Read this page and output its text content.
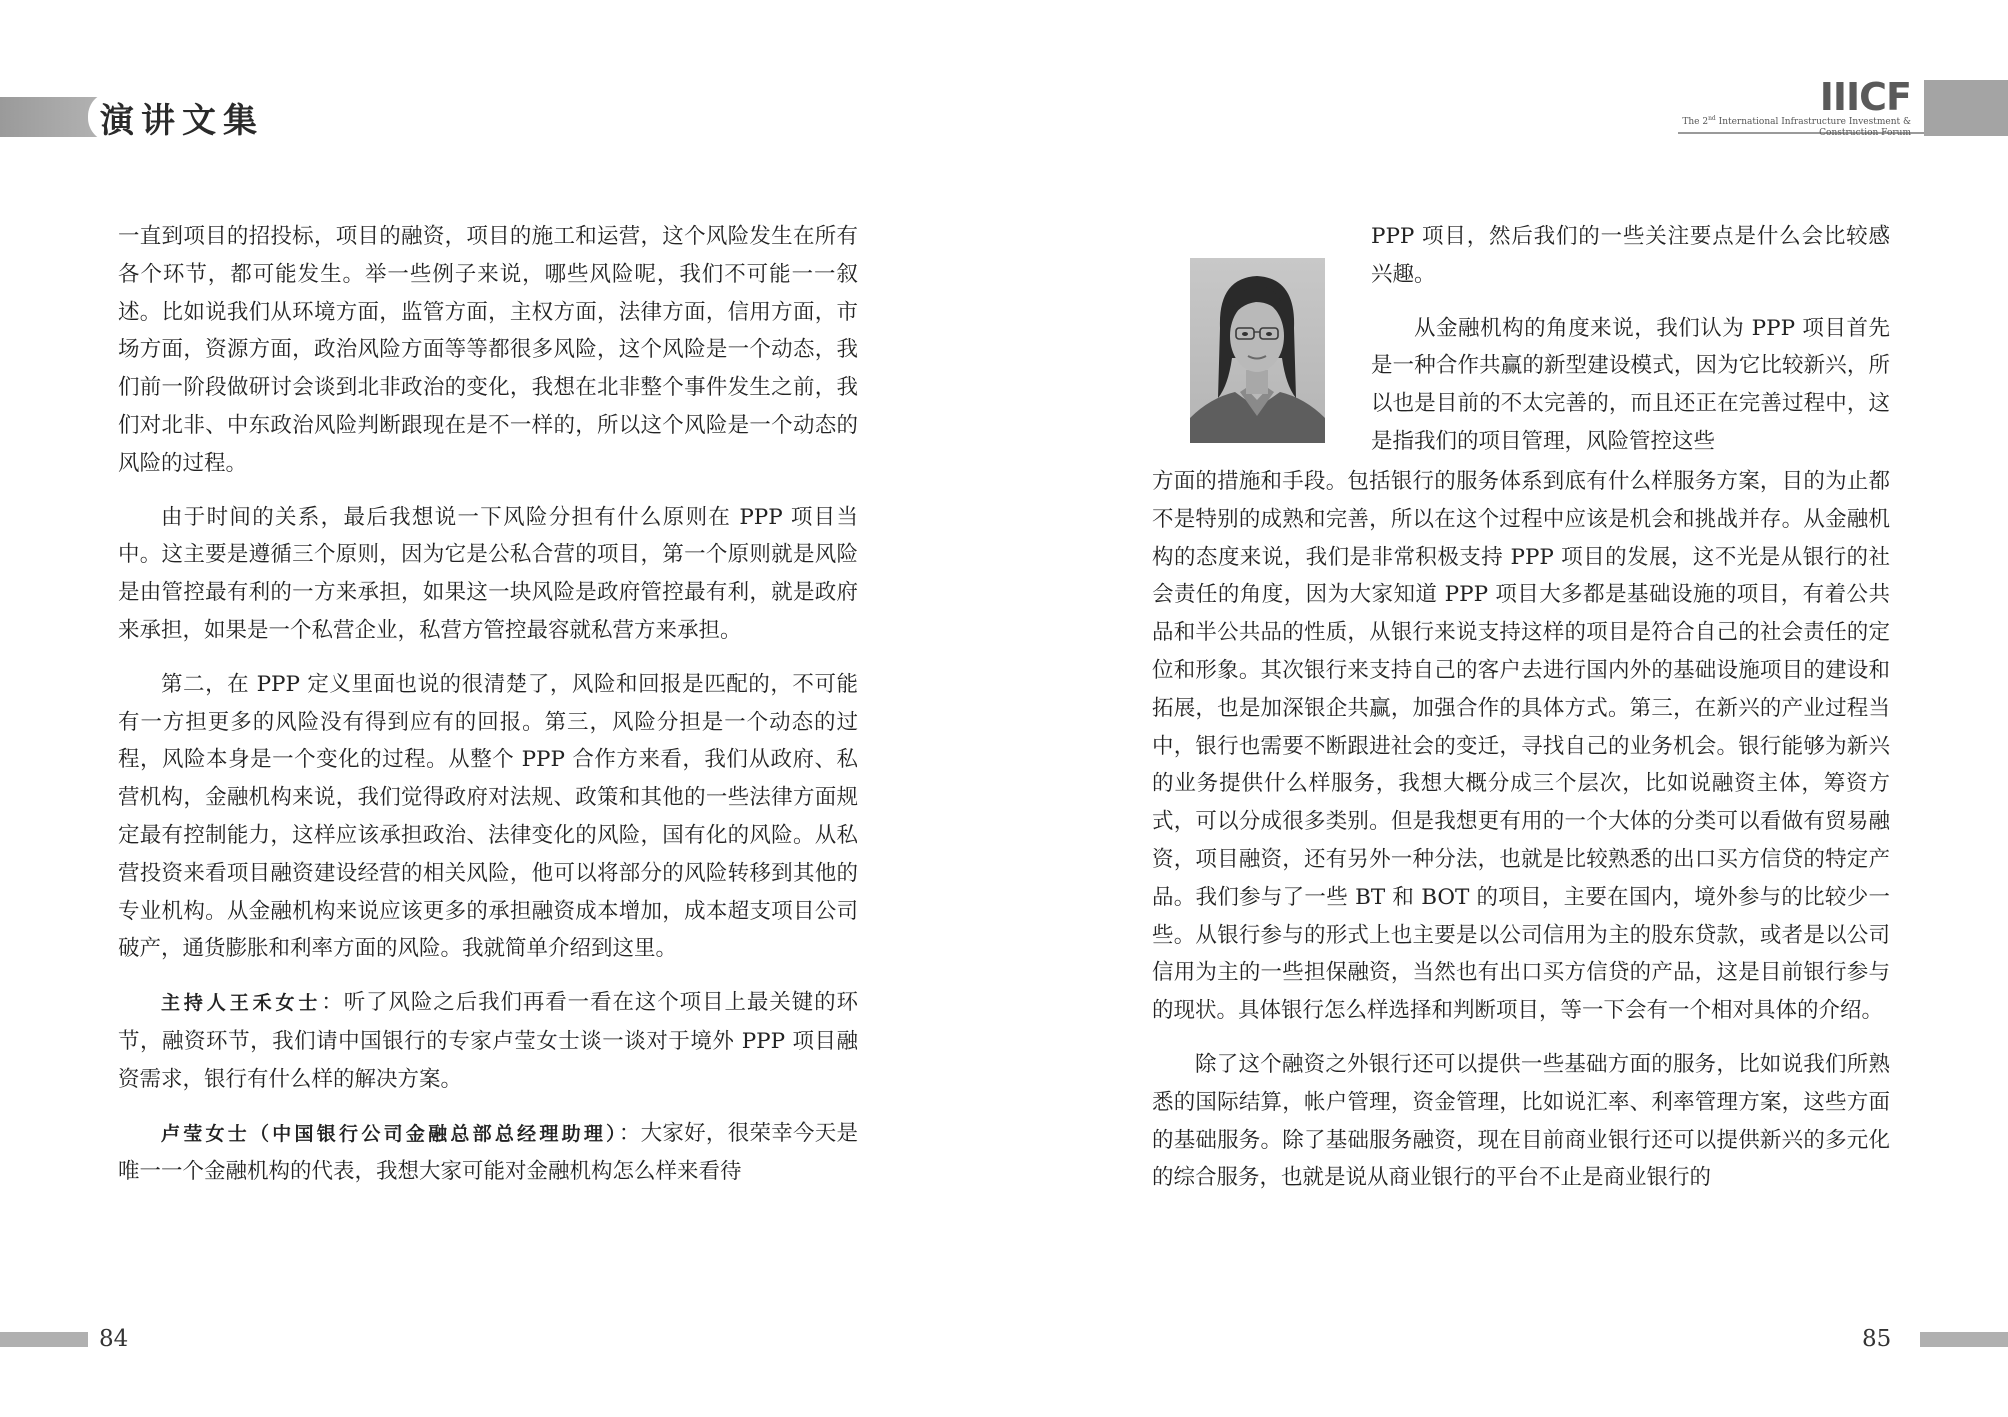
演讲文集

一直到项目的招投标，项目的融资，项目的施工和运营，这个风险发生在所有各个环节，都可能发生。举一些例子来说，哪些风险呢，我们不可能一一叙述。比如说我们从环境方面，监管方面，主权方面，法律方面，信用方面，市场方面，资源方面，政治风险方面等等都很多风险，这个风险是一个动态，我们前一阶段做研讨会谈到北非政治的变化，我想在北非整个事件发生之前，我们对北非、中东政治风险判断跟现在是不一样的，所以这个风险是一个动态的风险的过程。

由于时间的关系，最后我想说一下风险分担有什么原则在 PPP 项目当中。这主要是遵循三个原则，因为它是公私合营的项目，第一个原则就是风险是由管控最有利的一方来承担，如果这一块风险是政府管控最有利，就是政府来承担，如果是一个私营企业，私营方管控最容就私营方来承担。

第二，在 PPP 定义里面也说的很清楚了，风险和回报是匹配的，不可能有一方担更多的风险没有得到应有的回报。第三，风险分担是一个动态的过程，风险本身是一个变化的过程。从整个 PPP 合作方来看，我们从政府、私营机构，金融机构来说，我们觉得政府对法规、政策和其他的一些法律方面规定最有控制能力，这样应该承担政治、法律变化的风险，国有化的风险。从私营投资来看项目融资建设经营的相关风险，他可以将部分的风险转移到其他的专业机构。从金融机构来说应该更多的承担融资成本增加，成本超支项目公司破产，通货膨胀和利率方面的风险。我就简单介绍到这里。

主持人王禾女士：听了风险之后我们再看一看在这个项目上最关键的环节，融资环节，我们请中国银行的专家卢莹女士谈一谈对于境外 PPP 项目融资需求，银行有什么样的解决方案。

卢莹女士（中国银行公司金融总部总经理助理）：大家好，很荣幸今天是唯一一个金融机构的代表，我想大家可能对金融机构怎么样来看待

84
IIICF
The 2nd International Infrastructure Investment &
Construction Forum

PPP 项目，然后我们的一些关注要点是什么会比较感兴趣。

从金融机构的角度来说，我们认为 PPP 项目首先是一种合作共赢的新型建设模式，因为它比较新兴，所以也是目前的不太完善的，而且还正在完善过程中，这是指我们的项目管理，风险管控这些

方面的措施和手段。包括银行的服务体系到底有什么样服务方案，目的为止都不是特别的成熟和完善，所以在这个过程中应该是机会和挑战并存。从金融机构的态度来说，我们是非常积极支持 PPP 项目的发展，这不光是从银行的社会责任的角度，因为大家知道 PPP 项目大多都是基础设施的项目，有着公共品和半公共品的性质，从银行来说支持这样的项目是符合自己的社会责任的定位和形象。其次银行来支持自己的客户去进行国内外的基础设施项目的建设和拓展，也是加深银企共赢，加强合作的具体方式。第三，在新兴的产业过程当中，银行也需要不断跟进社会的变迁，寻找自己的业务机会。银行能够为新兴的业务提供什么样服务，我想大概分成三个层次，比如说融资主体，筹资方式，可以分成很多类别。但是我想更有用的一个大体的分类可以看做有贸易融资，项目融资，还有另外一种分法，也就是比较熟悉的出口买方信贷的特定产品。我们参与了一些 BT 和 BOT 的项目，主要在国内，境外参与的比较少一些。从银行参与的形式上也主要是以公司信用为主的股东贷款，或者是以公司信用为主的一些担保融资，当然也有出口买方信贷的产品，这是目前银行参与的现状。具体银行怎么样选择和判断项目，等一下会有一个相对具体的介绍。

除了这个融资之外银行还可以提供一些基础方面的服务，比如说我们所熟悉的国际结算，帐户管理，资金管理，比如说汇率、利率管理方案，这些方面的基础服务。除了基础服务融资，现在目前商业银行还可以提供新兴的多元化的综合服务，也就是说从商业银行的平台不止是商业银行的

85
